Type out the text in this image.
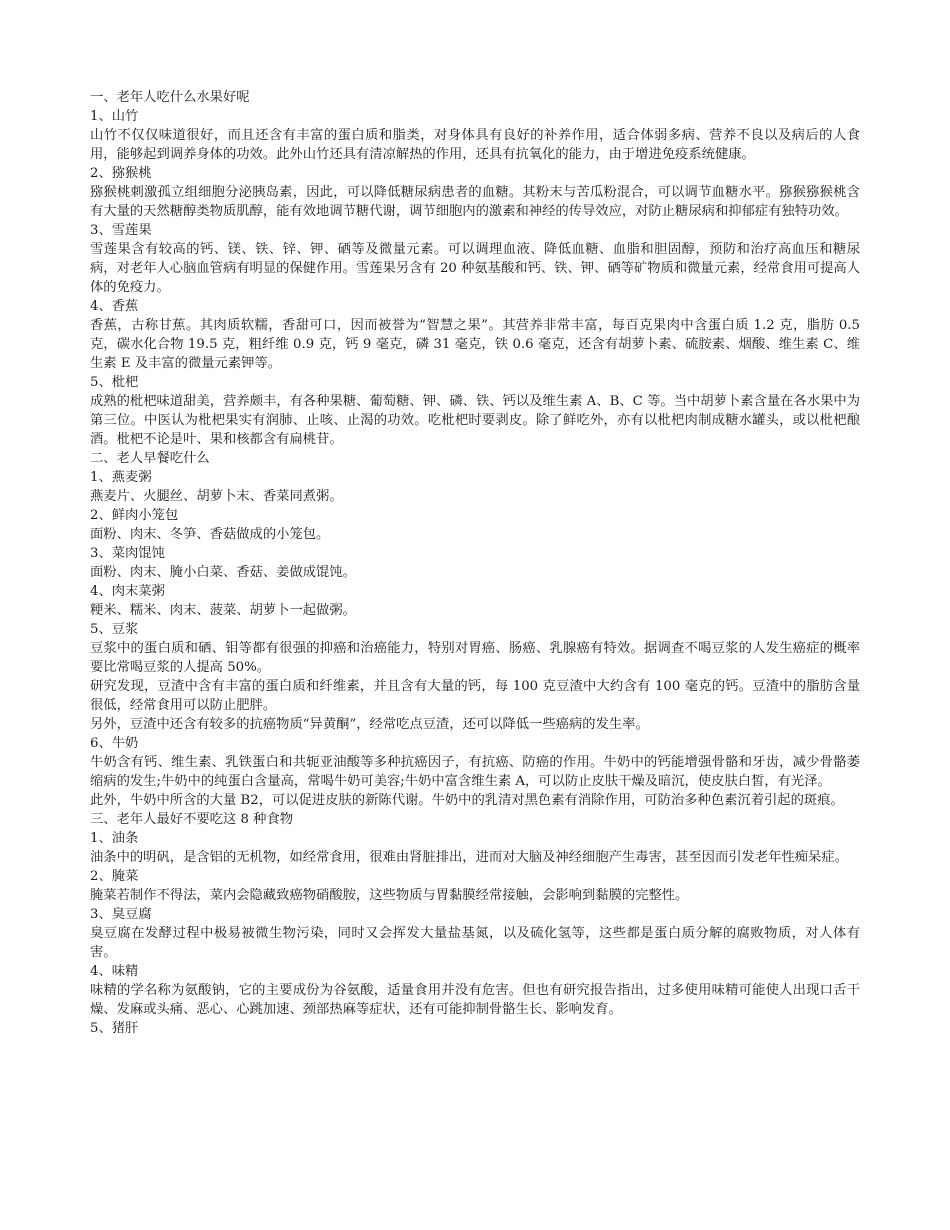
一、老年人吃什么水果好呢

1、山竹

山竹不仅仅味道很好，而且还含有丰富的蛋白质和脂类，对身体具有良好的补养作用，适合体弱多病、营养不良以及病后的人食用，能够起到调养身体的功效。此外山竹还具有清凉解热的作用，还具有抗氧化的能力，由于增进免疫系统健康。

2、猕猴桃

猕猴桃刺激孤立组细胞分泌胰岛素，因此，可以降低糖尿病患者的血糖。其粉末与苦瓜粉混合，可以调节血糖水平。猕猴猕猴桃含有大量的天然糖醇类物质肌醇，能有效地调节糖代谢，调节细胞内的激素和神经的传导效应，对防止糖尿病和抑郁症有独特功效。

3、雪莲果

雪莲果含有较高的钙、镁、铁、锌、钾、硒等及微量元素。可以调理血液、降低血糖、血脂和胆固醇，预防和治疗高血压和糖尿病，对老年人心脑血管病有明显的保健作用。雪莲果另含有 20 种氨基酸和钙、铁、钾、硒等矿物质和微量元素，经常食用可提高人体的免疫力。

4、香蕉

香蕉，古称甘蕉。其肉质软糯，香甜可口，因而被誉为“智慧之果”。其营养非常丰富，每百克果肉中含蛋白质 1.2 克，脂肪 0.5 克，碳水化合物 19.5 克，粗纤维 0.9 克，钙 9 毫克，磷 31 毫克，铁 0.6 毫克，还含有胡萝卜素、硫胺素、烟酸、维生素 C、维生素 E 及丰富的微量元素钾等。

5、枇杷

成熟的枇杷味道甜美，营养颇丰，有各种果糖、葡萄糖、钾、磷、铁、钙以及维生素 A、B、C 等。当中胡萝卜素含量在各水果中为第三位。中医认为枇杷果实有润肺、止咳、止渴的功效。吃枇杷时要剥皮。除了鲜吃外，亦有以枇杷肉制成糖水罐头，或以枇杷酿酒。枇杷不论是叶、果和核都含有扁桃苷。

二、老人早餐吃什么

1、燕麦粥

燕麦片、火腿丝、胡萝卜末、香菜同煮粥。

2、鲜肉小笼包

面粉、肉末、冬笋、香菇做成的小笼包。

3、菜肉馄饨

面粉、肉末、腌小白菜、香菇、姜做成馄饨。

4、肉末菜粥

粳米、糯米、肉末、菠菜、胡萝卜一起做粥。

5、豆浆

豆浆中的蛋白质和硒、钼等都有很强的抑癌和治癌能力，特别对胃癌、肠癌、乳腺癌有特效。据调查不喝豆浆的人发生癌症的概率要比常喝豆浆的人提高 50%。

研究发现，豆渣中含有丰富的蛋白质和纤维素，并且含有大量的钙，每 100 克豆渣中大约含有 100 毫克的钙。豆渣中的脂肪含量很低，经常食用可以防止肥胖。

另外，豆渣中还含有较多的抗癌物质“异黄酮”，经常吃点豆渣，还可以降低一些癌病的发生率。

6、牛奶

牛奶含有钙、维生素、乳铁蛋白和共轭亚油酸等多种抗癌因子，有抗癌、防癌的作用。牛奶中的钙能增强骨骼和牙齿，减少骨骼萎缩病的发生;牛奶中的纯蛋白含量高，常喝牛奶可美容;牛奶中富含维生素 A，可以防止皮肤干燥及暗沉，使皮肤白皙，有光泽。

此外，牛奶中所含的大量 B2，可以促进皮肤的新陈代谢。牛奶中的乳清对黑色素有消除作用，可防治多种色素沉着引起的斑痕。

三、老年人最好不要吃这 8 种食物

1、油条

油条中的明矾，是含铝的无机物，如经常食用，很难由肾脏排出，进而对大脑及神经细胞产生毒害，甚至因而引发老年性痴呆症。

2、腌菜

腌菜若制作不得法，菜内会隐藏致癌物硝酸胺，这些物质与胃黏膜经常接触，会影响到黏膜的完整性。

3、臭豆腐

臭豆腐在发酵过程中极易被微生物污染，同时又会挥发大量盐基氮，以及硫化氢等，这些都是蛋白质分解的腐败物质，对人体有害。

4、味精

味精的学名称为氨酸钠，它的主要成份为谷氨酸，适量食用并没有危害。但也有研究报告指出，过多使用味精可能使人出现口舌干燥、发麻或头痛、恶心、心跳加速、颈部热麻等症状，还有可能抑制骨骼生长、影响发育。

5、猪肝
